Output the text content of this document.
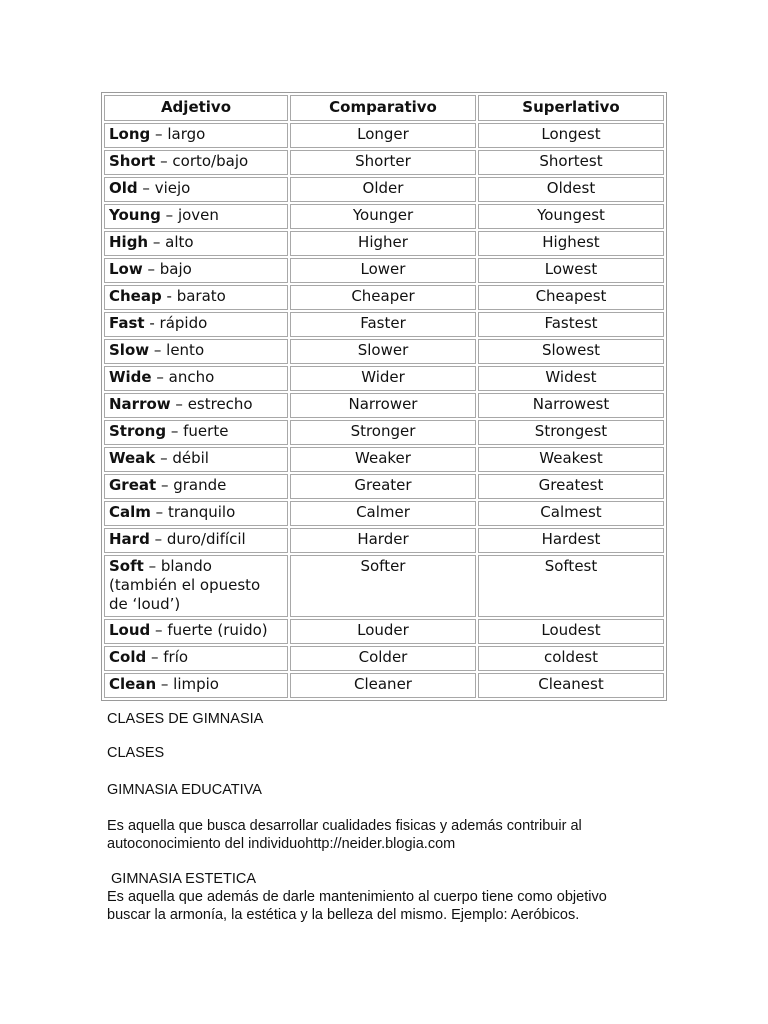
Adjetivo	Comparativo	Superlativo
Long – largo	Longer	Longest
Short – corto/bajo	Shorter	Shortest
Old – viejo	Older	Oldest
Young – joven	Younger	Youngest
High – alto	Higher	Highest
Low – bajo	Lower	Lowest
Cheap - barato	Cheaper	Cheapest
Fast - rápido	Faster	Fastest
Slow – lento	Slower	Slowest
Wide – ancho	Wider	Widest
Narrow – estrecho	Narrower	Narrowest
Strong – fuerte	Stronger	Strongest
Weak – débil	Weaker	Weakest
Great – grande	Greater	Greatest
Calm – tranquilo	Calmer	Calmest
Hard – duro/difícil	Harder	Hardest
Soft – blando (también el opuesto de ‘loud’)	Softer	Softest
Loud – fuerte (ruido)	Louder	Loudest
Cold – frío	Colder	coldest
Clean – limpio	Cleaner	Cleanest

CLASES DE GIMNASIA

CLASES

GIMNASIA EDUCATIVA

Es aquella que busca desarrollar cualidades fisicas y además contribuir al autoconocimiento del individuohttp://neider.blogia.com

GIMNASIA ESTETICA

Es aquella que además de darle mantenimiento al cuerpo tiene como objetivo buscar la armonía, la estética y la belleza del mismo. Ejemplo: Aeróbicos.
